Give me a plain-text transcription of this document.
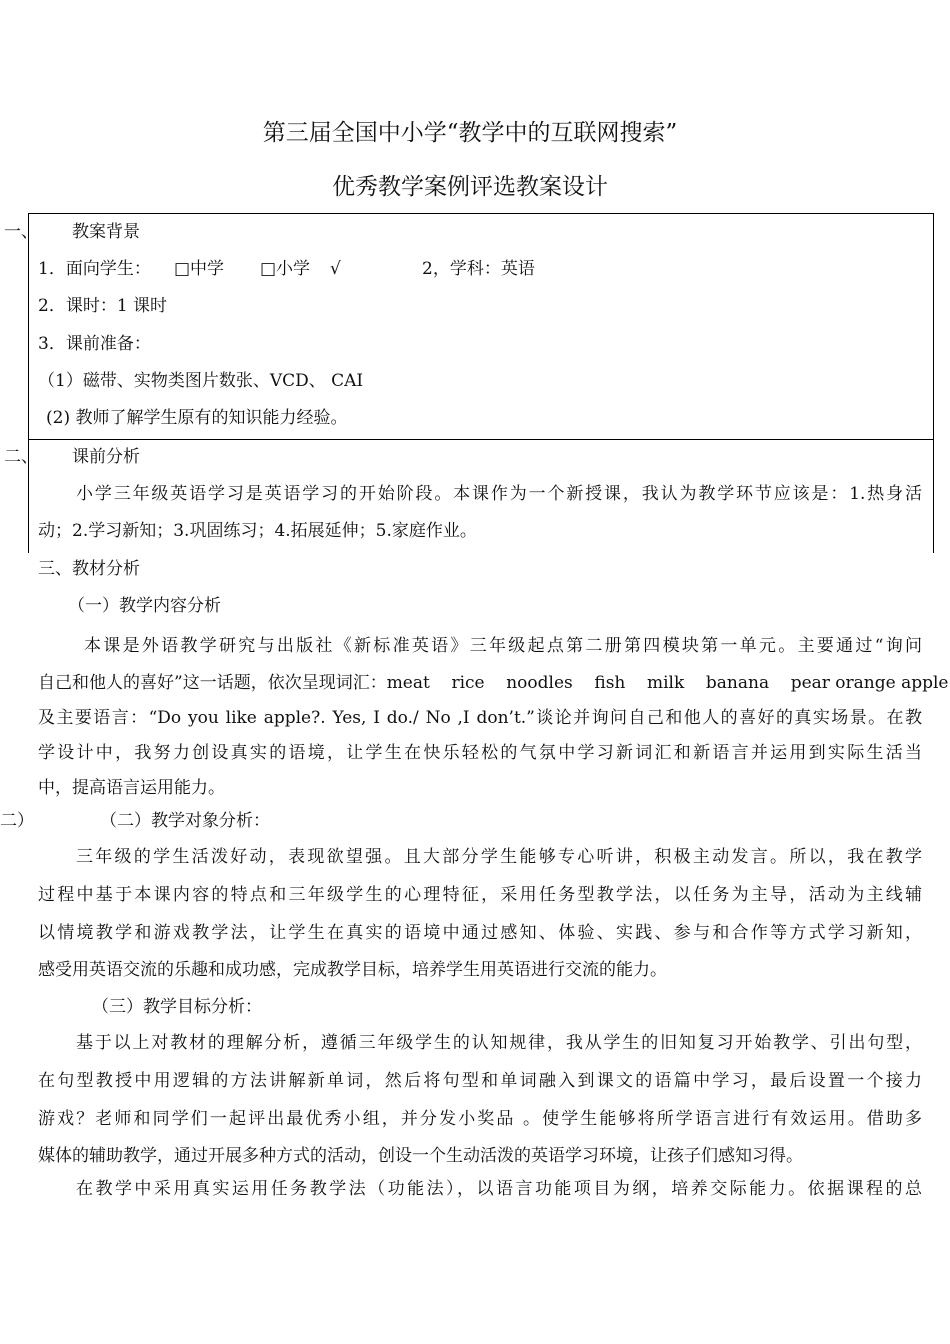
第三届全国中小学“教学中的互联网搜索”
优秀教学案例评选教案设计
一、 教案背景
1．面向学生： □中学 □小学 √	2，学科：英语
2．课时：1 课时
3．课前准备：
（1）磁带、实物类图片数张、VCD、 CAI
(2) 教师了解学生原有的知识能力经验。
二、 课前分析
小学三年级英语学习是英语学习的开始阶段。本课作为一个新授课，我认为教学环节应该是：1.热身活
动；2.学习新知；3.巩固练习；4.拓展延伸；5.家庭作业。
三、教材分析
（一）教学内容分析
本课是外语教学研究与出版社《新标准英语》三年级起点第二册第四模块第一单元。主要通过“询问
自己和他人的喜好”这一话题，依次呈现词汇：meat    rice    noodles    fish    milk    banana    pear orange apple
及主要语言：“Do you like apple?. Yes, I do./ No ,I don’t.”谈论并询问自己和他人的喜好的真实场景。在教
学设计中，我努力创设真实的语境，让学生在快乐轻松的气氛中学习新词汇和新语言并运用到实际生活当
中，提高语言运用能力。
二）	（二）教学对象分析：
三年级的学生活泼好动，表现欲望强。且大部分学生能够专心听讲，积极主动发言。所以，我在教学
过程中基于本课内容的特点和三年级学生的心理特征，采用任务型教学法，以任务为主导，活动为主线辅
以情境教学和游戏教学法，让学生在真实的语境中通过感知、体验、实践、参与和合作等方式学习新知，
感受用英语交流的乐趣和成功感，完成教学目标，培养学生用英语进行交流的能力。
（三）教学目标分析：
基于以上对教材的理解分析，遵循三年级学生的认知规律，我从学生的旧知复习开始教学、引出句型，
在句型教授中用逻辑的方法讲解新单词，然后将句型和单词融入到课文的语篇中学习，最后设置一个接力
游戏？老师和同学们一起评出最优秀小组，并分发小奖品 。使学生能够将所学语言进行有效运用。借助多
媒体的辅助教学，通过开展多种方式的活动，创设一个生动活泼的英语学习环境，让孩子们感知习得。
在教学中采用真实运用任务教学法（功能法），以语言功能项目为纲，培养交际能力。依据课程的总
